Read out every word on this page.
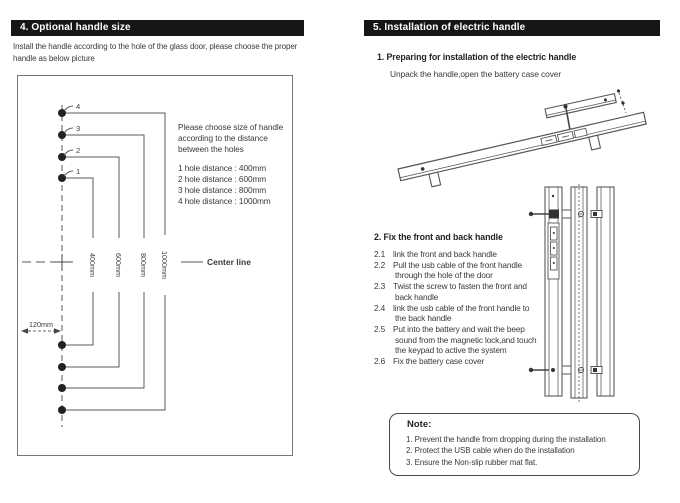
4. Optional handle size
Install the handle according to the hole of the glass door, please choose the proper
handle as below picture
4
3
2
1
400mm 600mm 800mm 1000mm	Center line
120mm
Please choose size of handle
according to the distance
between the holes
1 hole distance : 400mm
2 hole distance : 600mm
3 hole distance : 800mm
4 hole distance : 1000mm
5. Installation of electric handle
1. Preparing for installation of the electric handle
Unpack the handle,open the battery case cover
2. Fix the front and back handle
2.1 link the front and back handle
2.2 Pull the usb cable of the front handle
through the hole of the door
2.3 Twist the screw to fasten the front and
back handle
2.4 link the usb cable of the front handle to
the back handle
2.5 Put into the battery and wait the beep
sound from the magnetic lock,and touch
the keypad to active the system
2.6 Fix the battery case cover
Note:
1. Prevent the handle from dropping during the installation
2. Protect the USB cable when do the installation
3. Ensure the Non-slip rubber mat flat.
